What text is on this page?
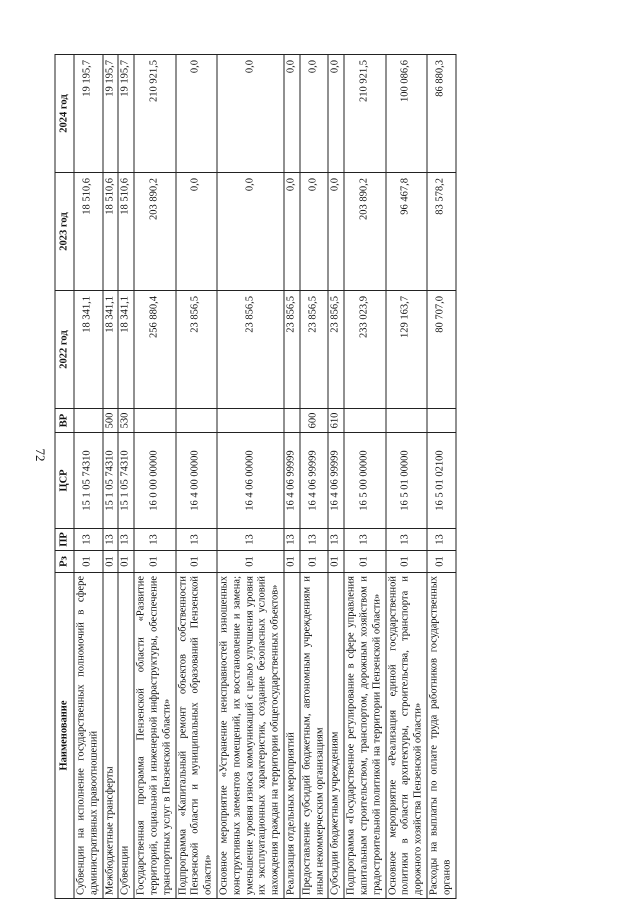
72
Наименование	Рз	ПР	ЦСР	ВР	2022 год	2023 год	2024 год
Субвенции на исполнение государственных полномочий в сфере административных правоотношений	01	13	15 1 05 74310		18 341,1	18 510,6	19 195,7
Межбюджетные трансферты	01	13	15 1 05 74310	500	18 341,1	18 510,6	19 195,7
Субвенции	01	13	15 1 05 74310	530	18 341,1	18 510,6	19 195,7
Государственная программа Пензенской области «Развитие территорий, социальной и инженерной инфраструктуры, обеспечение транспортных услуг в Пензенской области»	01	13	16 0 00 00000		256 880,4	203 890,2	210 921,5
Подпрограмма «Капитальный ремонт объектов собственности Пензенской области и муниципальных образований Пензенской области»	01	13	16 4 00 00000		23 856,5	0,0	0,0
Основное мероприятие «Устранение неисправностей изношенных конструктивных элементов помещений, их восстановление и замена; уменьшение уровня износа коммуникаций с целью улучшения уровня их эксплуатационных характеристик, создание безопасных условий нахождения граждан на территории общегосударственных объектов»	01	13	16 4 06 00000		23 856,5	0,0	0,0
Реализация отдельных мероприятий	01	13	16 4 06 99999		23 856,5	0,0	0,0
Предоставление субсидий бюджетным, автономным учреждениям и иным некоммерческим организациям	01	13	16 4 06 99999	600	23 856,5	0,0	0,0
Субсидии бюджетным учреждениям	01	13	16 4 06 99999	610	23 856,5	0,0	0,0
Подпрограмма «Государственное регулирование в сфере управления капитальным строительством, транспортом, дорожным хозяйством и градостроительной политикой на территории Пензенской области»	01	13	16 5 00 00000		233 023,9	203 890,2	210 921,5
Основное мероприятие «Реализация единой государственной политики в области архитектуры, строительства, транспорта и дорожного хозяйства Пензенской области»	01	13	16 5 01 00000		129 163,7	96 467,8	100 086,6
Расходы на выплаты по оплате труда работников государственных органов	01	13	16 5 01 02100		80 707,0	83 578,2	86 880,3
